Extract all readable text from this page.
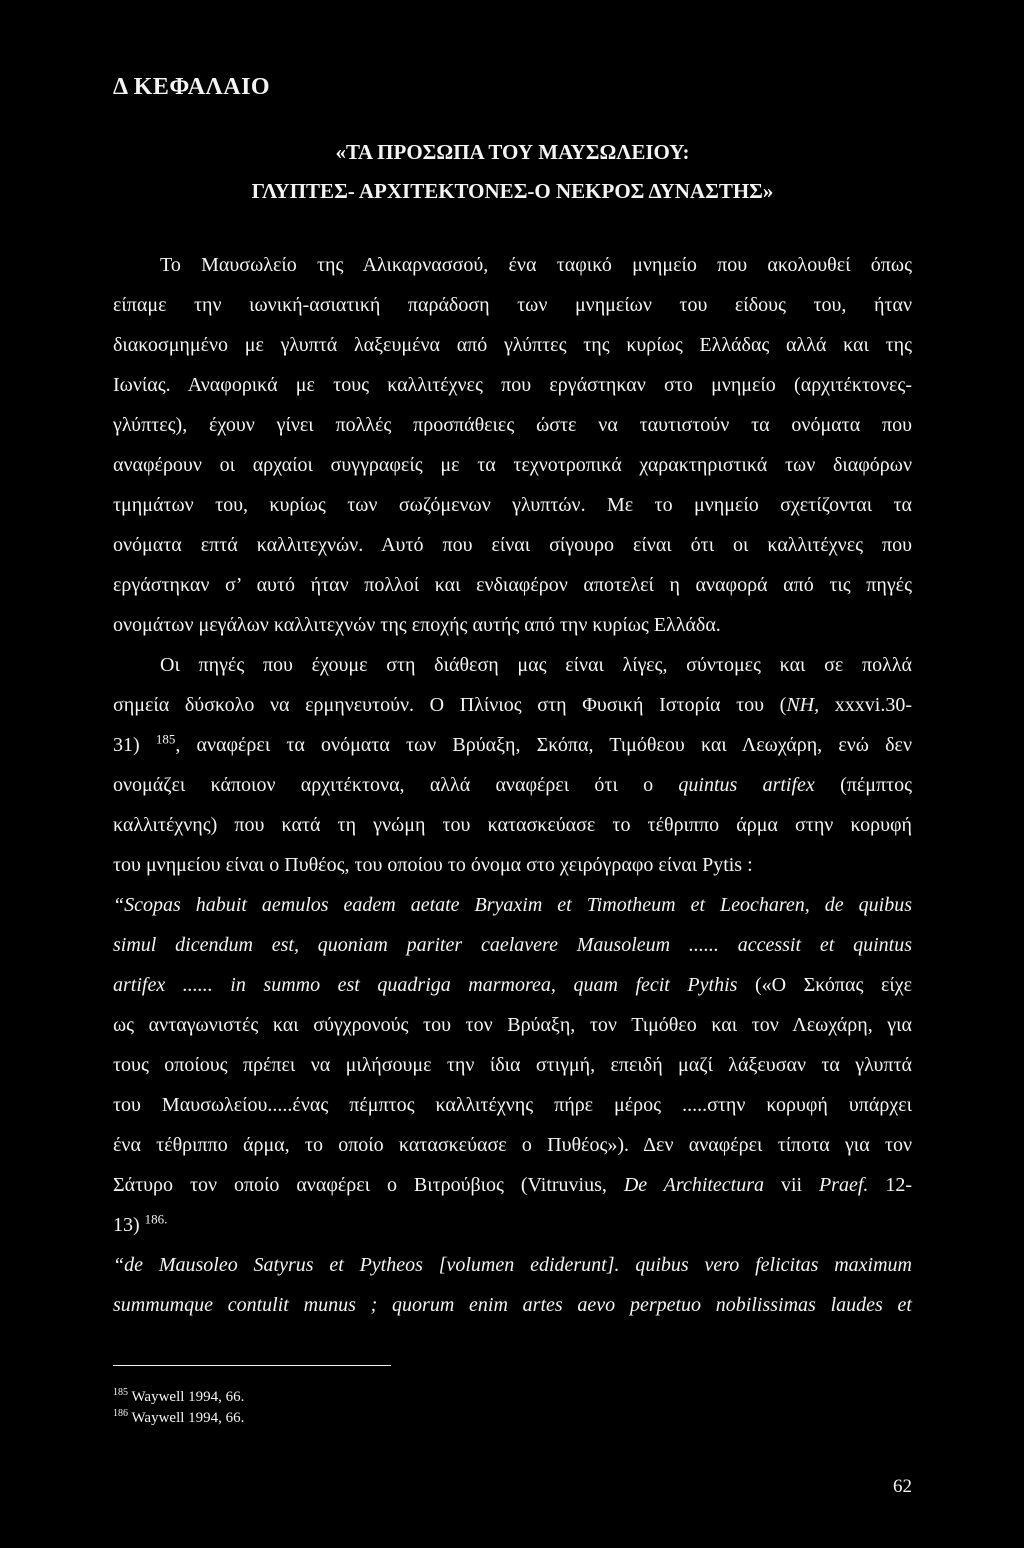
Δ ΚΕΦΑΛΑΙΟ
«ΤΑ ΠΡΟΣΩΠΑ ΤΟΥ ΜΑΥΣΩΛΕΙΟΥ:
ΓΛΥΠΤΕΣ- ΑΡΧΙΤΕΚΤΟΝΕΣ-Ο ΝΕΚΡΟΣ ΔΥΝΑΣΤΗΣ»
Το Μαυσωλείο της Αλικαρνασσού, ένα ταφικό μνημείο που ακολουθεί όπως
είπαμε την ιωνική-ασιατική παράδοση των μνημείων του είδους του, ήταν
διακοσμημένο με γλυπτά λαξευμένα από γλύπτες της κυρίως Ελλάδας αλλά και της
Ιωνίας. Αναφορικά με τους καλλιτέχνες που εργάστηκαν στο μνημείο (αρχιτέκτονες-
γλύπτες), έχουν γίνει πολλές προσπάθειες ώστε να ταυτιστούν τα ονόματα που
αναφέρουν οι αρχαίοι συγγραφείς με τα τεχνοτροπικά χαρακτηριστικά των διαφόρων
τμημάτων του, κυρίως των σωζόμενων γλυπτών. Με το μνημείο σχετίζονται τα
ονόματα επτά καλλιτεχνών. Αυτό που είναι σίγουρο είναι ότι οι καλλιτέχνες που
εργάστηκαν σ’ αυτό ήταν πολλοί και ενδιαφέρον αποτελεί η αναφορά από τις πηγές
ονομάτων μεγάλων καλλιτεχνών της εποχής αυτής από την κυρίως Ελλάδα.
Οι πηγές που έχουμε στη διάθεση μας είναι λίγες, σύντομες και σε πολλά
σημεία δύσκολο να ερμηνευτούν. Ο Πλίνιος στη Φυσική Ιστορία του (NH, xxxvi.30-
31) $^{185}$, αναφέρει τα ονόματα των Βρύαξη, Σκόπα, Τιμόθεου και Λεωχάρη, ενώ δεν
ονομάζει κάποιον αρχιτέκτονα, αλλά αναφέρει ότι ο quintus artifex (πέμπτος
καλλιτέχνης) που κατά τη γνώμη του κατασκεύασε το τέθριππο άρμα στην κορυφή
του μνημείου είναι ο Πυθέος, του οποίου το όνομα στο χειρόγραφο είναι Pytis :
“Scopas habuit aemulos eadem aetate Bryaxim et Timotheum et Leocharen, de quibus
simul dicendum est, quoniam pariter caelavere Mausoleum ...... accessit et quintus
artifex ...... in summo est quadriga marmorea, quam fecit Pythis («Ο Σκόπας είχε
ως ανταγωνιστές και σύγχρονούς του τον Βρύαξη, τον Τιμόθεο και τον Λεωχάρη, για
τους οποίους πρέπει να μιλήσουμε την ίδια στιγμή, επειδή μαζί λάξευσαν τα γλυπτά
του Μαυσωλείου.....ένας πέμπτος καλλιτέχνης πήρε μέρος .....στην κορυφή υπάρχει
ένα τέθριππο άρμα, το οποίο κατασκεύασε ο Πυθέος»). Δεν αναφέρει τίποτα για τον
Σάτυρο τον οποίο αναφέρει ο Βιτρούβιος (Vitruvius, De Architectura vii Praef. 12-
13) $^{186.}$
“de Mausoleo Satyrus et Pytheos [volumen ediderunt]. quibus vero felicitas maximum
summumque contulit munus ; quorum enim artes aevo perpetuo nobilissimas laudes et
$^{185}$ Waywell 1994, 66.
$^{186}$ Waywell 1994, 66.
62
